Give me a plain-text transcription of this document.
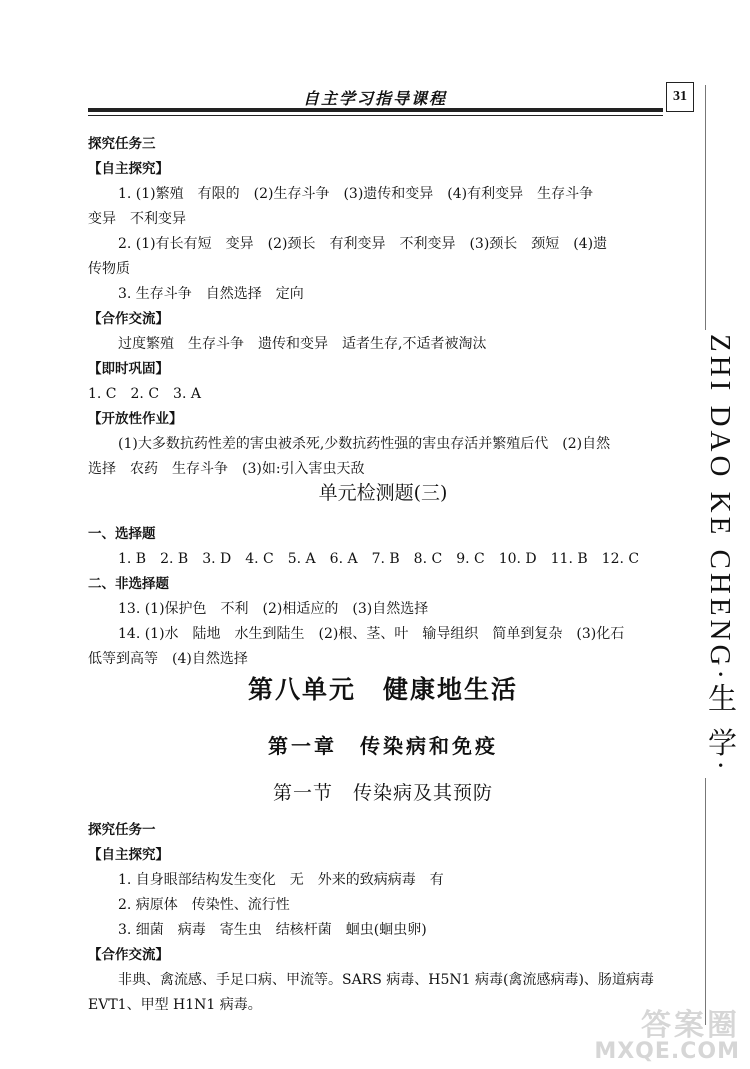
自主学习指导课程	31
ZHI DAO KE CHENG·生 学·
探究任务三
【自主探究】
1. (1)繁殖　有限的　(2)生存斗争　(3)遗传和变异　(4)有利变异　生存斗争
变异　不利变异
2. (1)有长有短　变异　(2)颈长　有利变异　不利变异　(3)颈长　颈短　(4)遗
传物质
3. 生存斗争　自然选择　定向
【合作交流】
过度繁殖　生存斗争　遗传和变异　适者生存,不适者被淘汰
【即时巩固】
1. C　2. C　3. A
【开放性作业】
(1)大多数抗药性差的害虫被杀死,少数抗药性强的害虫存活并繁殖后代　(2)自然
选择　农药　生存斗争　(3)如:引入害虫天敌
单元检测题(三)
一、选择题
1. B　2. B　3. D　4. C　5. A　6. A　7. B　8. C　9. C　10. D　11. B　12. C
二、非选择题
13. (1)保护色　不利　(2)相适应的　(3)自然选择
14. (1)水　陆地　水生到陆生　(2)根、茎、叶　输导组织　简单到复杂　(3)化石
低等到高等　(4)自然选择
第八单元　健康地生活
第一章　传染病和免疫
第一节　传染病及其预防
探究任务一
【自主探究】
1. 自身眼部结构发生变化　无　外来的致病病毒　有
2. 病原体　传染性、流行性
3. 细菌　病毒　寄生虫　结核杆菌　蛔虫(蛔虫卵)
【合作交流】
非典、禽流感、手足口病、甲流等。SARS 病毒、H5N1 病毒(禽流感病毒)、肠道病毒
EVT1、甲型 H1N1 病毒。
答案圈
MXQE.COM
